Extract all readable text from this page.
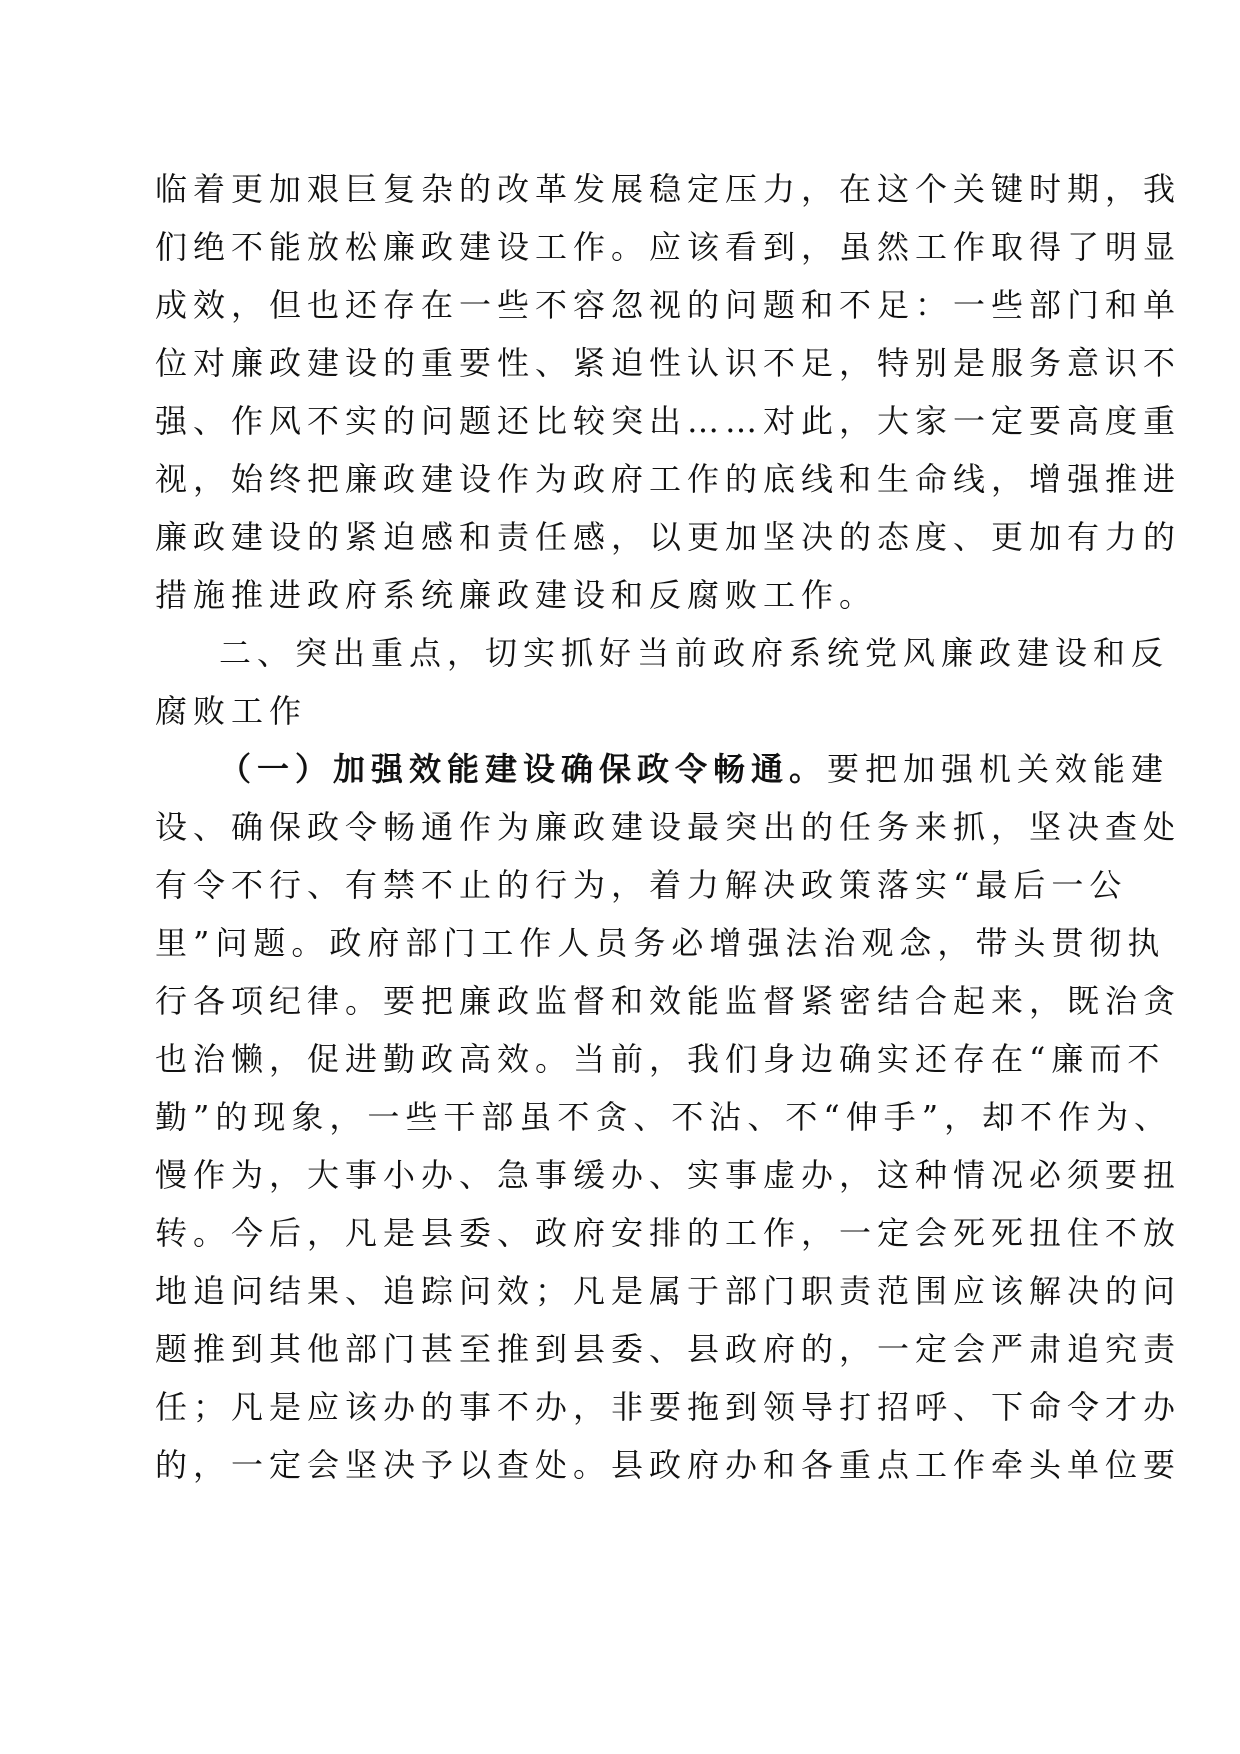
临着更加艰巨复杂的改革发展稳定压力，在这个关键时期，我
们绝不能放松廉政建设工作。应该看到，虽然工作取得了明显
成效，但也还存在一些不容忽视的问题和不足：一些部门和单
位对廉政建设的重要性、紧迫性认识不足，特别是服务意识不
强、作风不实的问题还比较突出……对此，大家一定要高度重
视，始终把廉政建设作为政府工作的底线和生命线，增强推进
廉政建设的紧迫感和责任感，以更加坚决的态度、更加有力的
措施推进政府系统廉政建设和反腐败工作。
二、突出重点，切实抓好当前政府系统党风廉政建设和反
腐败工作
（一）加强效能建设确保政令畅通。要把加强机关效能建
设、确保政令畅通作为廉政建设最突出的任务来抓，坚决查处
有令不行、有禁不止的行为，着力解决政策落实“最后一公
里”问题。政府部门工作人员务必增强法治观念，带头贯彻执
行各项纪律。要把廉政监督和效能监督紧密结合起来，既治贪
也治懒，促进勤政高效。当前，我们身边确实还存在“廉而不
勤”的现象，一些干部虽不贪、不沾、不“伸手”，却不作为、
慢作为，大事小办、急事缓办、实事虚办，这种情况必须要扭
转。今后，凡是县委、政府安排的工作，一定会死死扭住不放
地追问结果、追踪问效；凡是属于部门职责范围应该解决的问
题推到其他部门甚至推到县委、县政府的，一定会严肃追究责
任；凡是应该办的事不办，非要拖到领导打招呼、下命令才办
的，一定会坚决予以查处。县政府办和各重点工作牵头单位要
